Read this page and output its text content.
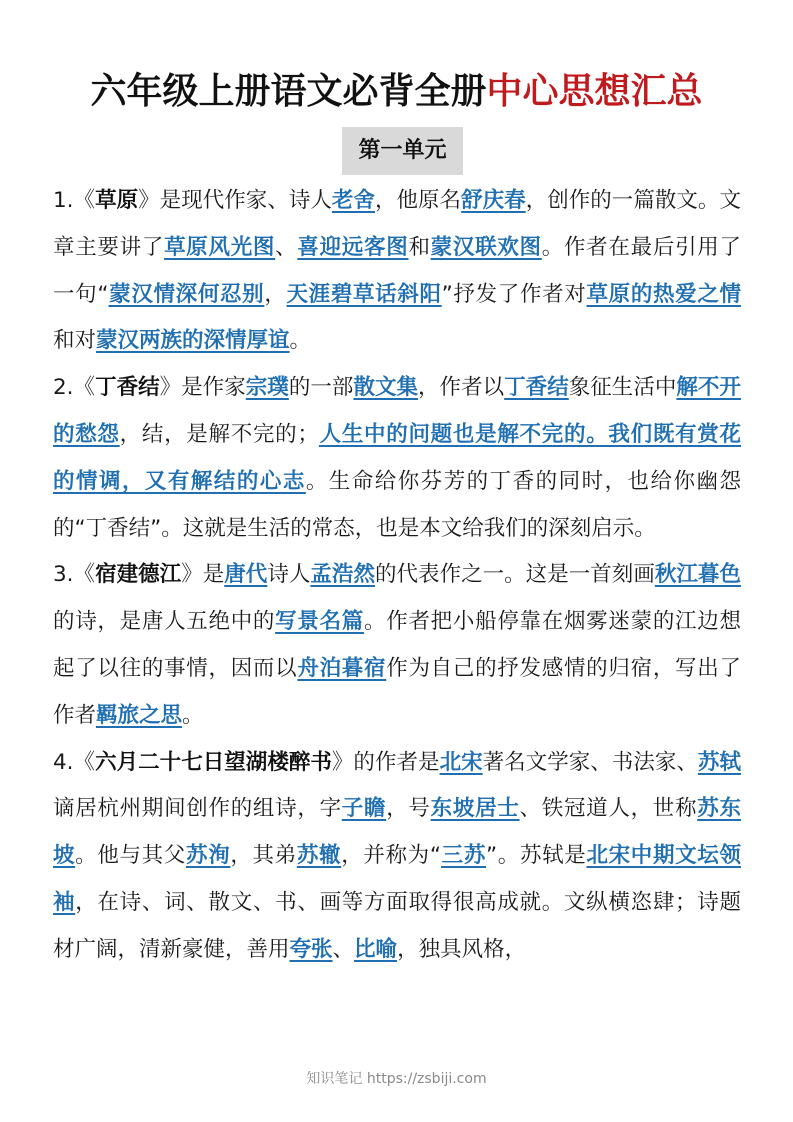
六年级上册语文必背全册中心思想汇总
第一单元

1.《草原》是现代作家、诗人老舍，他原名舒庆春，创作的一篇散文。文章主要讲了草原风光图、喜迎远客图和蒙汉联欢图。作者在最后引用了一句“蒙汉情深何忍别，天涯碧草话斜阳”抒发了作者对草原的热爱之情和对蒙汉两族的深情厚谊。

2.《丁香结》是作家宗璞的一部散文集，作者以丁香结象征生活中解不开的愁怨，结，是解不完的；人生中的问题也是解不完的。我们既有赏花的情调，又有解结的心志。生命给你芬芳的丁香的同时，也给你幽怨的“丁香结”。这就是生活的常态，也是本文给我们的深刻启示。

3.《宿建德江》是唐代诗人孟浩然的代表作之一。这是一首刻画秋江暮色的诗，是唐人五绝中的写景名篇。作者把小船停靠在烟雾迷蒙的江边想起了以往的事情，因而以舟泊暮宿作为自己的抒发感情的归宿，写出了作者羁旅之思。

4.《六月二十七日望湖楼醉书》的作者是北宋著名文学家、书法家、苏轼谪居杭州期间创作的组诗，字子瞻，号东坡居士、铁冠道人，世称苏东坡。他与其父苏洵，其弟苏辙，并称为“三苏”。苏轼是北宋中期文坛领袖，在诗、词、散文、书、画等方面取得很高成就。文纵横恣肆；诗题材广阔，清新豪健，善用夸张、比喻，独具风格，

知识笔记 https://zsbiji.com
